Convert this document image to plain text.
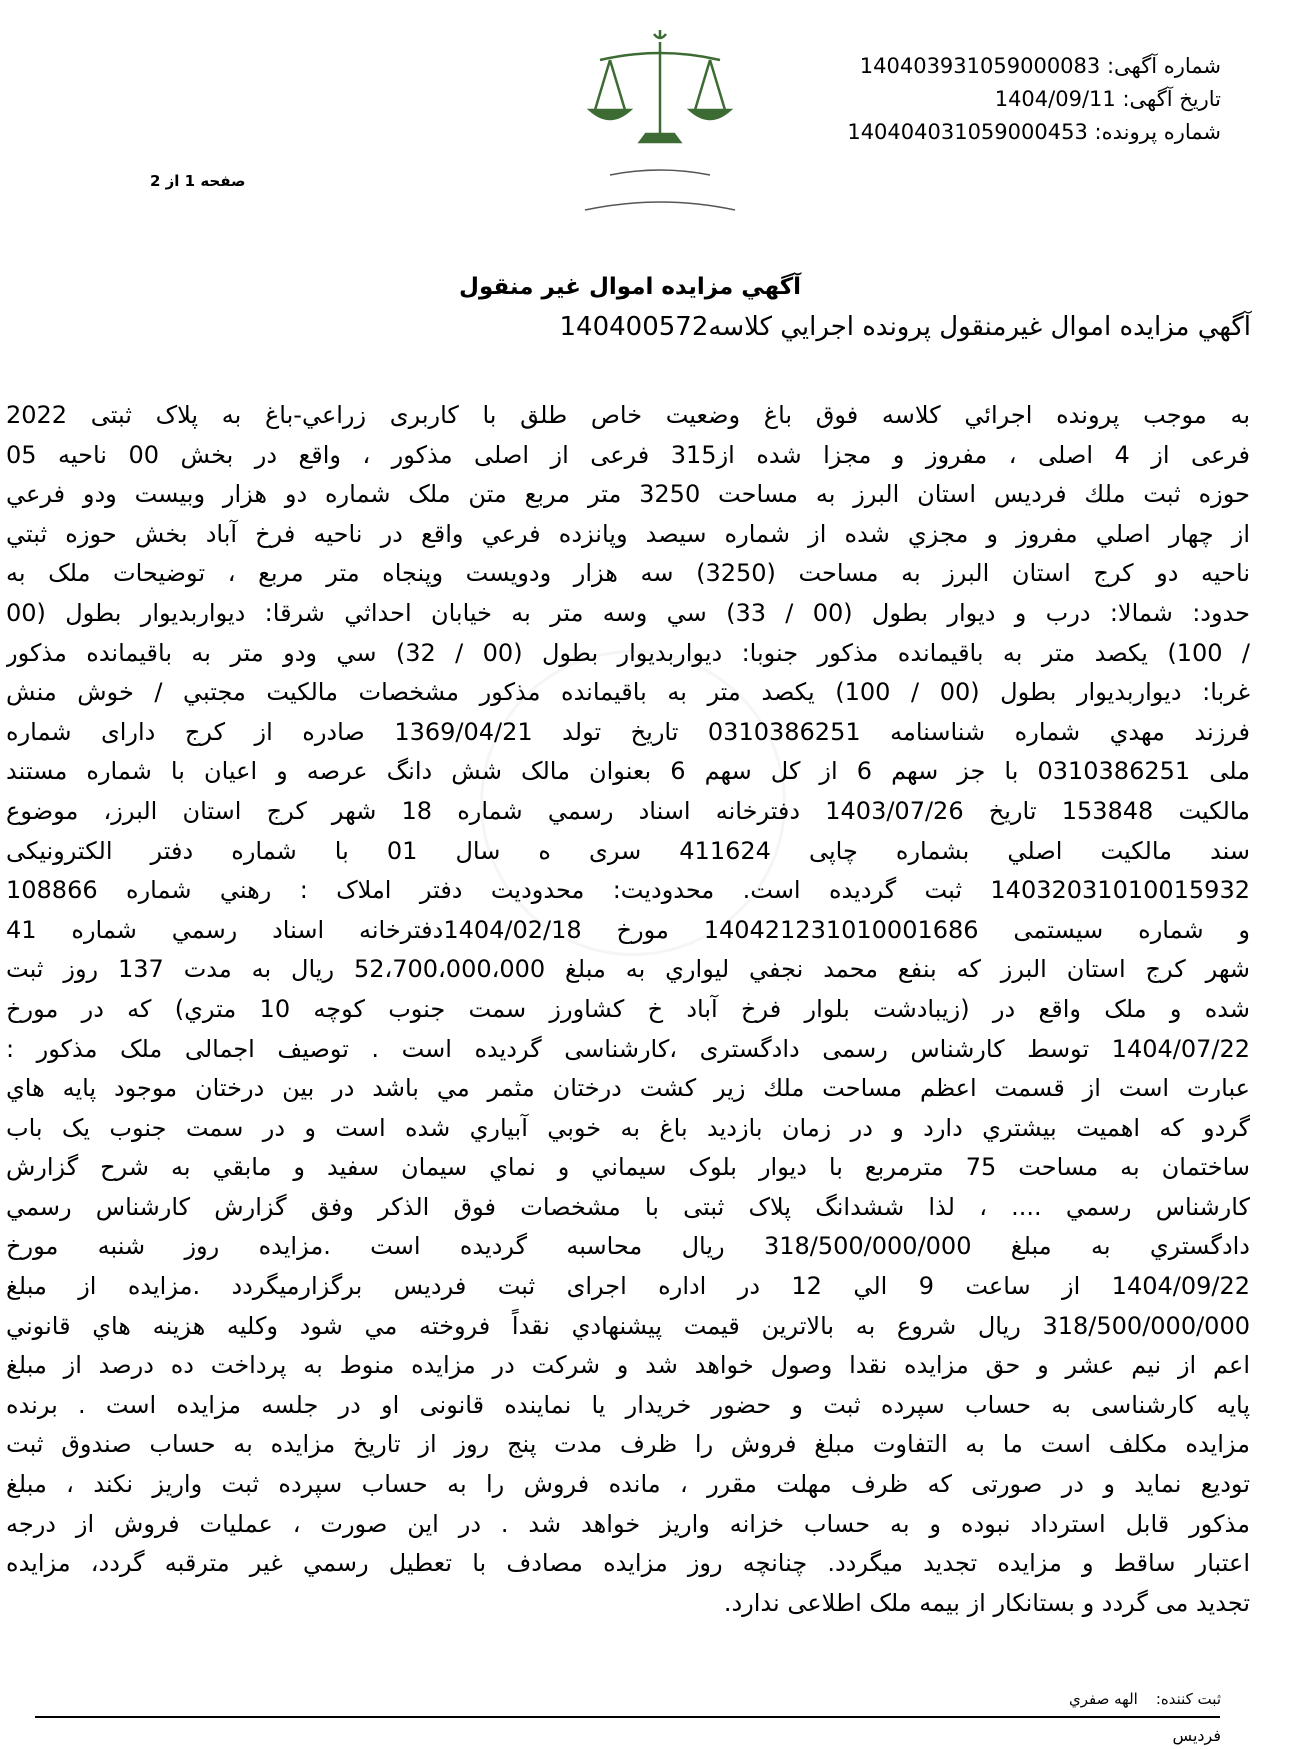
شماره آگهی: 14040393105900008​3
تاریخ آگهی: 1404/09/11
شماره پرونده: 140404031059000453
صفحه 1 از 2
آگهي مزايده اموال غير منقول
آگهي مزايده اموال غيرمنقول پرونده اجرايي كلاسه140400572
به موجب پرونده اجرائي كلاسه فوق باغ وضعيت خاص طلق با كاربری زراعي-باغ به پلاک ثبتی 2022
فرعی از 4 اصلی ، مفروز و مجزا شده از315 فرعی از اصلی مذکور ، واقع در بخش 00 ناحیه 05
حوزه ثبت ملك فرديس استان البرز به مساحت 3250 متر مربع متن ملک شماره دو هزار وبيست ودو فرعي
از چهار اصلي مفروز و مجزي شده از شماره سيصد وپانزده فرعي واقع در ناحيه فرخ آباد بخش حوزه ثبتي
ناحيه دو كرج استان البرز به مساحت (3250) سه هزار ودويست وپنجاه متر مربع ، توضيحات ملک به
حدود: شمالا: درب و ديوار بطول (00 / 33) سي وسه متر به خيابان احداثي شرقا: ديواربديوار بطول (00
/ 100) يكصد متر به باقيمانده مذكور جنوبا: ديواربديوار بطول (00 / 32) سي ودو متر به باقيمانده مذكور
غربا: ديواربديوار بطول (00 / 100) يكصد متر به باقيمانده مذكور مشخصات مالكيت مجتبي / خوش منش
فرزند مهدي شماره شناسنامه 0310386251 تاريخ تولد 1369/04/21 صادره از کرج دارای شماره
ملی 0310386251 با جز سهم 6 از کل سهم 6 بعنوان مالک شش دانگ عرصه و اعيان با شماره مستند
مالكيت 153848 تاريخ 1403/07/26 دفترخانه اسناد رسمي شماره 18 شهر كرج استان البرز، موضوع
سند مالكيت اصلي بشماره چاپی 411624 سری ه سال 01 با شماره دفتر الکترونیکی
14032031010015932 ثبت گرديده است. محدوديت: محدوديت دفتر املاک : رهني شماره 108866
و شماره سیستمی 140421231010001686 مورخ 1404/02/18دفترخانه اسناد رسمي شماره 41
شهر كرج استان البرز كه بنفع محمد نجفي ليواري به مبلغ 52،700،000،000 ريال به مدت 137 روز ثبت
شده و ملک واقع در (زيبادشت بلوار فرخ آباد خ كشاورز سمت جنوب كوچه 10 متري) كه در مورخ
1404/07/22 توسط كارشناس رسمی دادگستری ،کارشناسی گرديده است . توصيف اجمالی ملک مذکور :
عبارت است از قسمت اعظم مساحت ملك زير كشت درختان مثمر مي باشد در بين درختان موجود پايه هاي
گردو كه اهميت بيشتري دارد و در زمان بازديد باغ به خوبي آبياري شده است و در سمت جنوب یک باب
ساختمان به مساحت 75 مترمربع با ديوار بلوک سيماني و نماي سيمان سفيد و مابقي به شرح گزارش
كارشناس رسمي .... ، لذا ششدانگ پلاک ثبتی با مشخصات فوق الذكر وفق گزارش کارشناس رسمي
دادگستري به مبلغ 318/500/000/000 ريال محاسبه گرديده است .مزايده روز شنبه مورخ
1404/09/22 از ساعت 9 الي 12 در اداره اجرای ثبت فرديس برگزارميگردد .مزايده از مبلغ
318/500/000/000 ريال شروع به بالاترين قيمت پيشنهادي نقداً فروخته مي شود وكليه هزينه هاي قانوني
اعم از نيم عشر و حق مزايده نقدا وصول خواهد شد و شرکت در مزايده منوط به پرداخت ده درصد از مبلغ
پايه كارشناسی به حساب سپرده ثبت و حضور خريدار يا نماينده قانونی او در جلسه مزايده است . برنده
مزايده مكلف است ما به التفاوت مبلغ فروش را ظرف مدت پنج روز از تاريخ مزايده به حساب صندوق ثبت
توديع نمايد و در صورتی كه ظرف مهلت مقرر ، مانده فروش را به حساب سپرده ثبت واريز نكند ، مبلغ
مذكور قابل استرداد نبوده و به حساب خزانه واريز خواهد شد . در اين صورت ، عمليات فروش از درجه
اعتبار ساقط و مزايده تجديد ميگردد. چنانچه روز مزايده مصادف با تعطيل رسمي غير مترقبه گردد، مزايده
تجديد می گردد و بستانكار از بيمه ملک اطلاعی ندارد.
ثبت کننده:الهه صفري
فرديس
